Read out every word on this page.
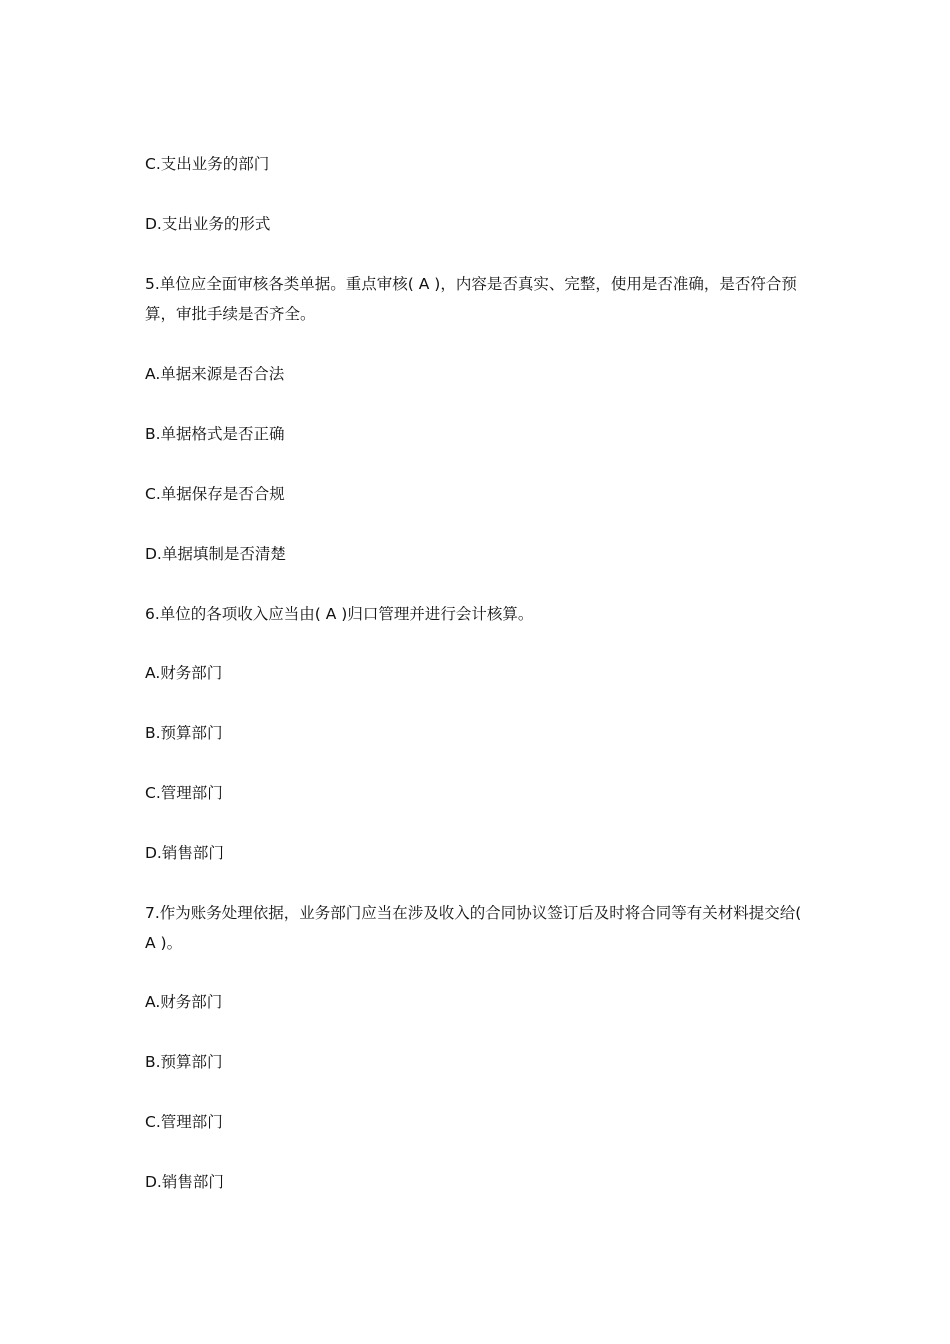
C.支出业务的部门

D.支出业务的形式

5.单位应全面审核各类单据。重点审核( A )，内容是否真实、完整，使用是否准确，是否符合预算，审批手续是否齐全。

A.单据来源是否合法

B.单据格式是否正确

C.单据保存是否合规

D.单据填制是否清楚

6.单位的各项收入应当由( A )归口管理并进行会计核算。

A.财务部门

B.预算部门

C.管理部门

D.销售部门

7.作为账务处理依据，业务部门应当在涉及收入的合同协议签订后及时将合同等有关材料提交给( A )。

A.财务部门

B.预算部门

C.管理部门

D.销售部门
